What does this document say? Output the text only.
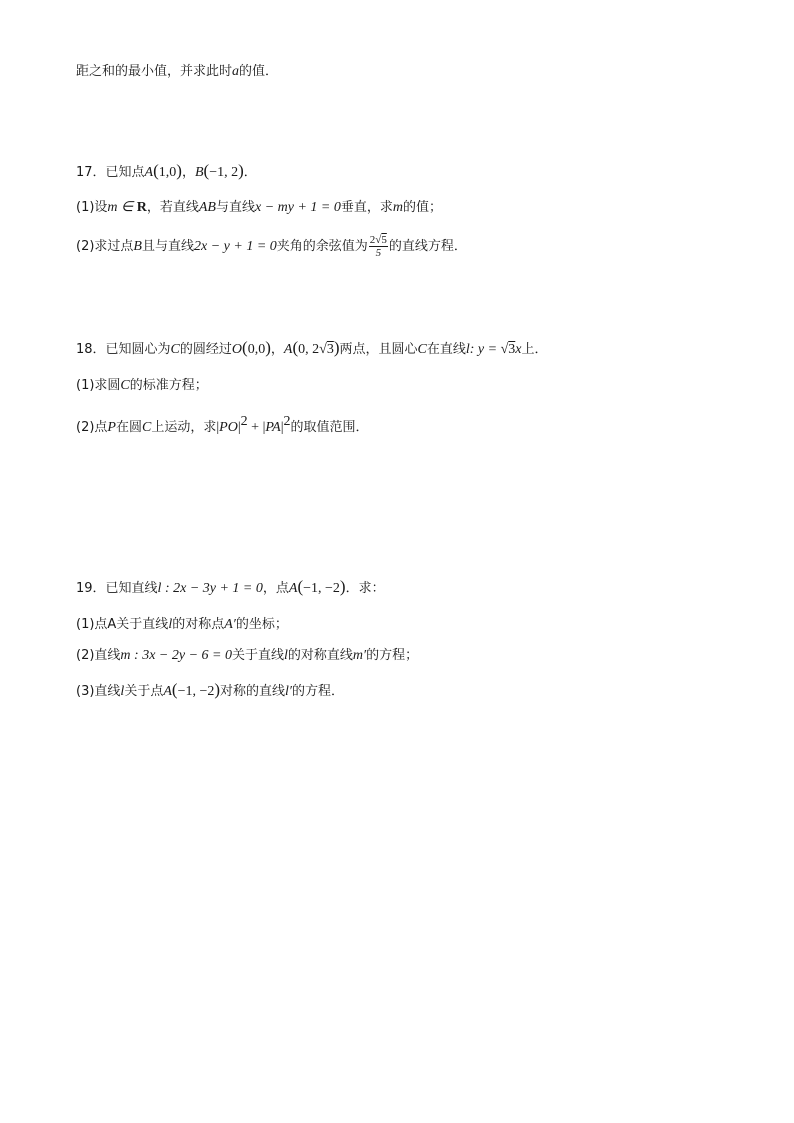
距之和的最小值，并求此时a的值．
17．已知点A(1,0)，B(−1, 2)．
(1)设m ∈ R，若直线AB与直线x − my + 1 = 0垂直，求m的值；
(2)求过点B且与直线2x − y + 1 = 0夹角的余弦值为 $\frac{2√5}{5}$ 的直线方程．
18．已知圆心为C的圆经过O(0,0)，A(0, 2√3)两点，且圆心C在直线l: y = √3x上．
(1)求圆C的标准方程；
(2)点P在圆C上运动，求$|PO|^2 + |PA|^2$的取值范围．
19．已知直线l : 2x − 3y + 1 = 0，点A(−1, −2)．求：
(1)点A关于直线l的对称点A′的坐标；
(2)直线m : 3x − 2y − 6 = 0关于直线l的对称直线m′的方程；
(3)直线l关于点A(−1, −2)对称的直线l′的方程．
